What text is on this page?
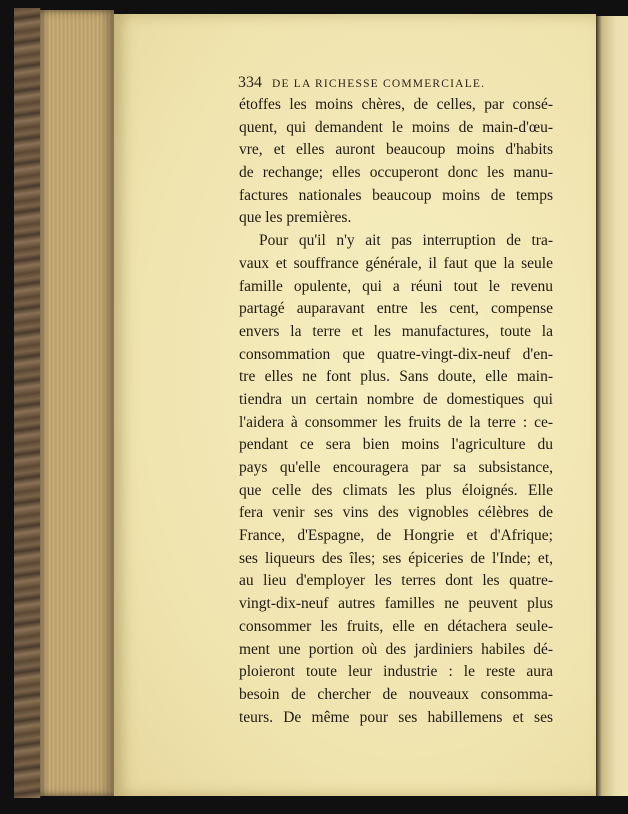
334 DE LA RICHESSE COMMERCIALE.
étoffes les moins chères, de celles, par consé-
quent, qui demandent le moins de main-d'œu-
vre, et elles auront beaucoup moins d'habits
de rechange; elles occuperont donc les manu-
factures nationales beaucoup moins de temps
que les premières.
Pour qu'il n'y ait pas interruption de tra-
vaux et souffrance générale, il faut que la seule
famille opulente, qui a réuni tout le revenu
partagé auparavant entre les cent, compense
envers la terre et les manufactures, toute la
consommation que quatre-vingt-dix-neuf d'en-
tre elles ne font plus. Sans doute, elle main-
tiendra un certain nombre de domestiques qui
l'aidera à consommer les fruits de la terre : ce-
pendant ce sera bien moins l'agriculture du
pays qu'elle encouragera par sa subsistance,
que celle des climats les plus éloignés. Elle
fera venir ses vins des vignobles célèbres de
France, d'Espagne, de Hongrie et d'Afrique;
ses liqueurs des îles; ses épiceries de l'Inde; et,
au lieu d'employer les terres dont les quatre-
vingt-dix-neuf autres familles ne peuvent plus
consommer les fruits, elle en détachera seule-
ment une portion où des jardiniers habiles dé-
ploieront toute leur industrie : le reste aura
besoin de chercher de nouveaux consomma-
teurs. De même pour ses habillemens et ses
